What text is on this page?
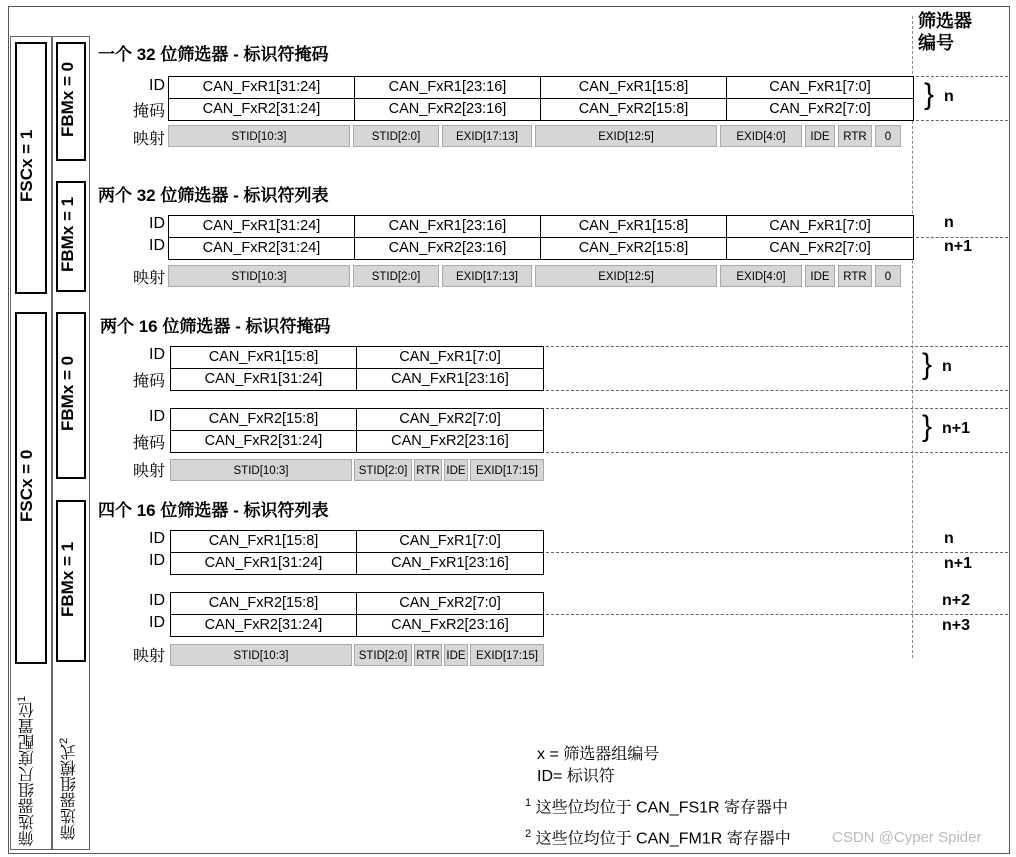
筛选器
编号
FSCx = 1
FSCx = 0
FBMx = 0
FBMx = 1
FBMx = 0
FBMx = 1
筛选器组尺度配置位$^1$
筛选器组模式$^2$
一个 32 位筛选器 - 标识符掩码
ID
掩码
映射
CAN_FxR1[31:24]	CAN_FxR1[23:16]	CAN_FxR1[15:8]	CAN_FxR1[7:0]
CAN_FxR2[31:24]	CAN_FxR2[23:16]	CAN_FxR2[15:8]	CAN_FxR2[7:0]
STID[10:3]	STID[2:0]	EXID[17:13]	EXID[12:5]	EXID[4:0]	IDE	RTR	0
} n
两个 32 位筛选器 - 标识符列表
ID
ID
映射
CAN_FxR1[31:24]	CAN_FxR1[23:16]	CAN_FxR1[15:8]	CAN_FxR1[7:0]
CAN_FxR2[31:24]	CAN_FxR2[23:16]	CAN_FxR2[15:8]	CAN_FxR2[7:0]
STID[10:3]	STID[2:0]	EXID[17:13]	EXID[12:5]	EXID[4:0]	IDE	RTR	0
n
n+1
两个 16 位筛选器 - 标识符掩码
ID
掩码
CAN_FxR1[15:8]	CAN_FxR1[7:0]
CAN_FxR1[31:24]	CAN_FxR1[23:16]	} n
ID
掩码
CAN_FxR2[15:8]	CAN_FxR2[7:0]
CAN_FxR2[31:24]	CAN_FxR2[23:16]	} n+1
映射	STID[10:3]	STID[2:0] RTR IDE EXID[17:15]
四个 16 位筛选器 - 标识符列表
ID
ID
CAN_FxR1[15:8]	CAN_FxR1[7:0]
CAN_FxR1[31:24]	CAN_FxR1[23:16]
n
n+1
ID
ID
CAN_FxR2[15:8]	CAN_FxR2[7:0]
CAN_FxR2[31:24]	CAN_FxR2[23:16]
n+2
n+3
映射	STID[10:3]	STID[2:0] RTR IDE EXID[17:15]
x = 筛选器组编号
ID= 标识符
$^1$ 这些位均位于 CAN_FS1R 寄存器中
$^2$ 这些位均位于 CAN_FM1R 寄存器中	CSDN @Cyper Spider
